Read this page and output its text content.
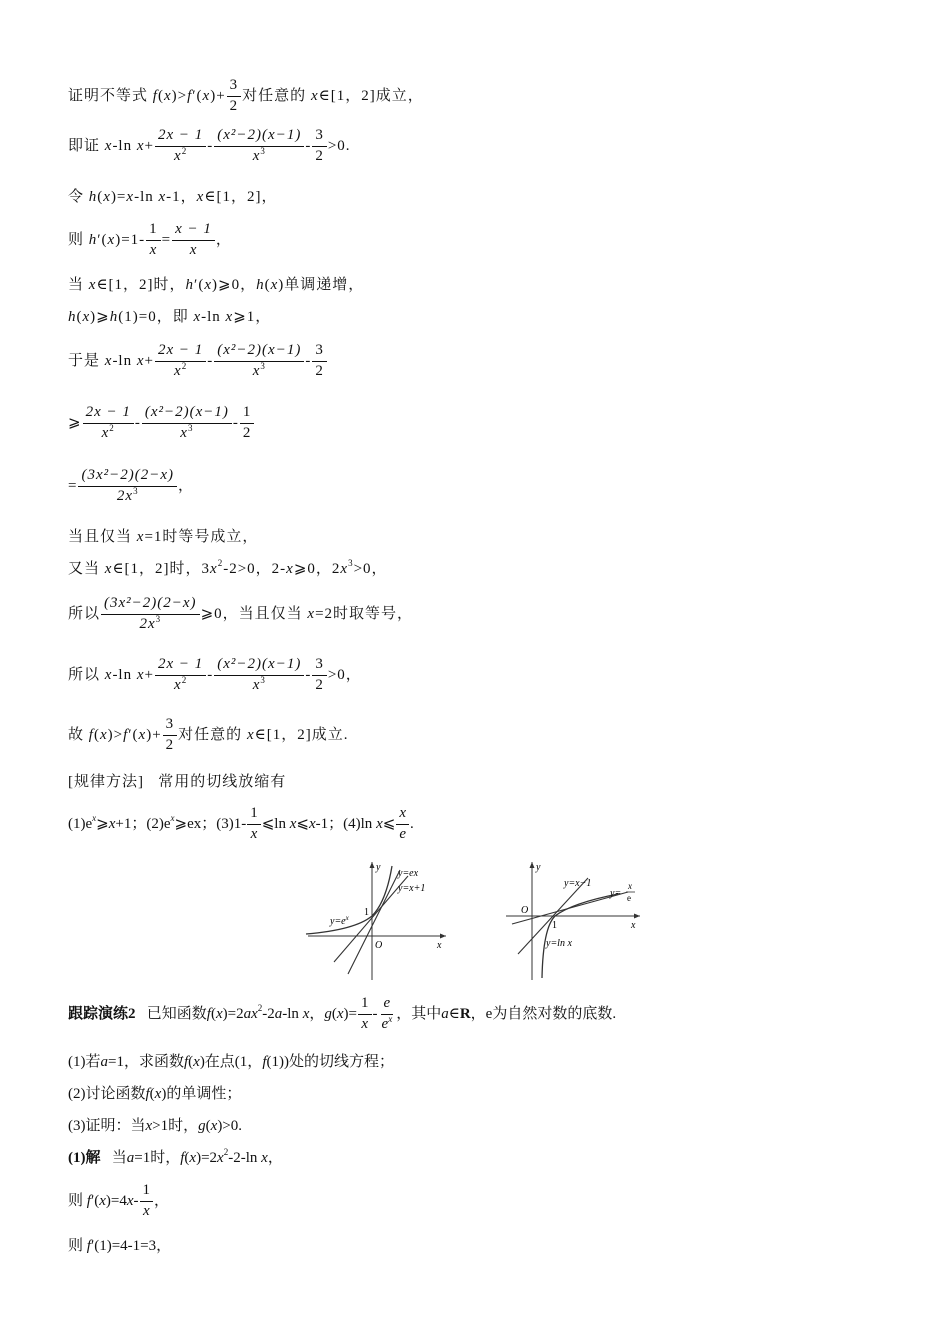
证明不等式
f ( x )> f ′( x )+ $\frac{3}{2}$ 对任意的
x ∈[1，2]成立，
即证
x -ln
$x + \frac{2x - 1}{x^2} - \frac{\text{(x²−2)(x−1)}}{x^3} - \frac{3}{2} >0$.
令
h ( x )= x -ln
x -1， x ∈[1，2]，
则
h ′( x )$=1- \frac{1}{x} = \frac{x - 1}{x}$ ，
当
x ∈[1，2]时， h ′( x )⩾0， h ( x )单调递增，
h ( x )⩾ h (1)=0，即
x -ln
x ⩾1，
于是
x -ln
$x + \frac{2x - 1}{x^2} - \frac{\text{(x²−2)(x−1)}}{x^3} - \frac{3}{2}$
⩾ $\frac{2x - 1}{x^2} - \frac{\text{(x²−2)(x−1)}}{x^3} - \frac{1}{2}$
= $\frac{\text{(3x²−2)(2−x)}}{2x^3}$ ，
当且仅当
x =1时等号成立，
又当
x ∈[1，2]时，3 $x^2$ -2>0，2- x ⩾0，2 $x^3 >0$，
所以 $\frac{\text{(3x²−2)(2−x)}}{2x^3}$ ⩾0，当且仅当
x =2时取等号，
所以
x -ln
$x + \frac{2x - 1}{x^2} - \frac{\text{(x²−2)(x−1)}}{x^3} - \frac{3}{2} >0$，
故
f ( x )> f ′( x )+ $\frac{3}{2}$ 对任意的
x ∈[1，2]成立.
[规律方法]
常用的切线放缩有
(1)e $^x$ ⩾ x +1；(2)e $^x$ ⩾ex；$(3)1- \frac{1}{x}$ ⩽ln
x ⩽ x -1；(4)ln
x ⩽ $\frac{x}{e}$ .
y
x
O
1
y=ex
y=x+1
$y=e^x$
y
x
O
1
y=x−1
y=
x
e
y=ln x
跟踪演练2
已知函数 f ( x )=2 $ax^2$ -2 a -ln
x ， g ( x )= $\frac{1}{x} - \frac{e}{e^x}$ ，其中 a ∈ R ，e为自然对数的底数.
(1)若 a =1，求函数 f ( x )在点(1， f (1))处的切线方程；
(2)讨论函数 f ( x )的单调性；
(3)证明：当 x >1时， g ( x )>0.
(1)解
当 a =1时， f ( x )=2 $x^2$ -2-ln
x ，
则
f ′( x )=4 x - $\frac{1}{x}$ ，
则
f ′(1)=4-1=3，
